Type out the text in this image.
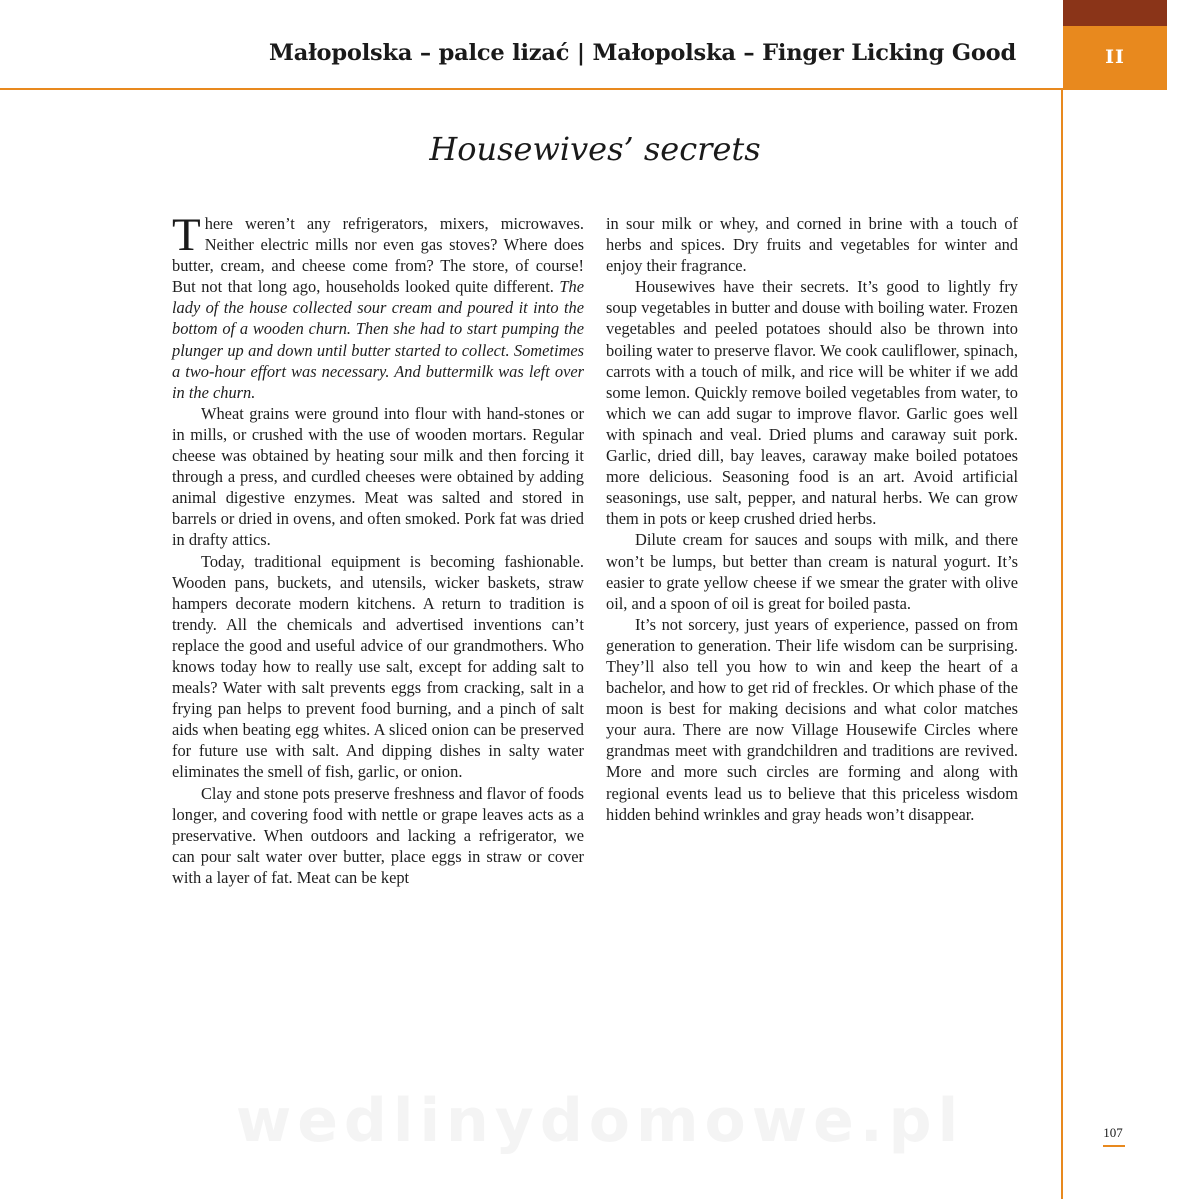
Małopolska – palce lizać | Małopolska – Finger Licking Good	II
Housewives’ secrets

There weren’t any refrigerators, mixers, microwaves. Neither electric mills nor even gas stoves? Where does butter, cream, and cheese come from? The store, of course! But not that long ago, households looked quite different. The lady of the house collected sour cream and poured it into the bottom of a wooden churn. Then she had to start pumping the plunger up and down until butter started to collect. Sometimes a two-hour effort was necessary. And buttermilk was left over in the churn.

Wheat grains were ground into flour with hand-stones or in mills, or crushed with the use of wooden mortars. Regular cheese was obtained by heating sour milk and then forcing it through a press, and curdled cheeses were obtained by adding animal digestive enzymes. Meat was salted and stored in barrels or dried in ovens, and often smoked. Pork fat was dried in drafty attics.

Today, traditional equipment is becoming fashionable. Wooden pans, buckets, and utensils, wicker baskets, straw hampers decorate modern kitchens. A return to tradition is trendy. All the chemicals and advertised inventions can’t replace the good and useful advice of our grandmothers. Who knows today how to really use salt, except for adding salt to meals? Water with salt prevents eggs from cracking, salt in a frying pan helps to prevent food burning, and a pinch of salt aids when beating egg whites. A sliced onion can be preserved for future use with salt. And dipping dishes in salty water eliminates the smell of fish, garlic, or onion.

Clay and stone pots preserve freshness and flavor of foods longer, and covering food with nettle or grape leaves acts as a preservative. When outdoors and lacking a refrigerator, we can pour salt water over butter, place eggs in straw or cover with a layer of fat. Meat can be kept

in sour milk or whey, and corned in brine with a touch of herbs and spices. Dry fruits and vegetables for winter and enjoy their fragrance.

Housewives have their secrets. It’s good to lightly fry soup vegetables in butter and douse with boiling water. Frozen vegetables and peeled potatoes should also be thrown into boiling water to preserve flavor. We cook cauliflower, spinach, carrots with a touch of milk, and rice will be whiter if we add some lemon. Quickly remove boiled vegetables from water, to which we can add sugar to improve flavor. Garlic goes well with spinach and veal. Dried plums and caraway suit pork. Garlic, dried dill, bay leaves, caraway make boiled potatoes more delicious. Seasoning food is an art. Avoid artificial seasonings, use salt, pepper, and natural herbs. We can grow them in pots or keep crushed dried herbs.

Dilute cream for sauces and soups with milk, and there won’t be lumps, but better than cream is natural yogurt. It’s easier to grate yellow cheese if we smear the grater with olive oil, and a spoon of oil is great for boiled pasta.

It’s not sorcery, just years of experience, passed on from generation to generation. Their life wisdom can be surprising. They’ll also tell you how to win and keep the heart of a bachelor, and how to get rid of freckles. Or which phase of the moon is best for making decisions and what color matches your aura. There are now Village Housewife Circles where grandmas meet with grandchildren and traditions are revived. More and more such circles are forming and along with regional events lead us to believe that this priceless wisdom hidden behind wrinkles and gray heads won’t disappear.

wedlinydomowe.pl	107
